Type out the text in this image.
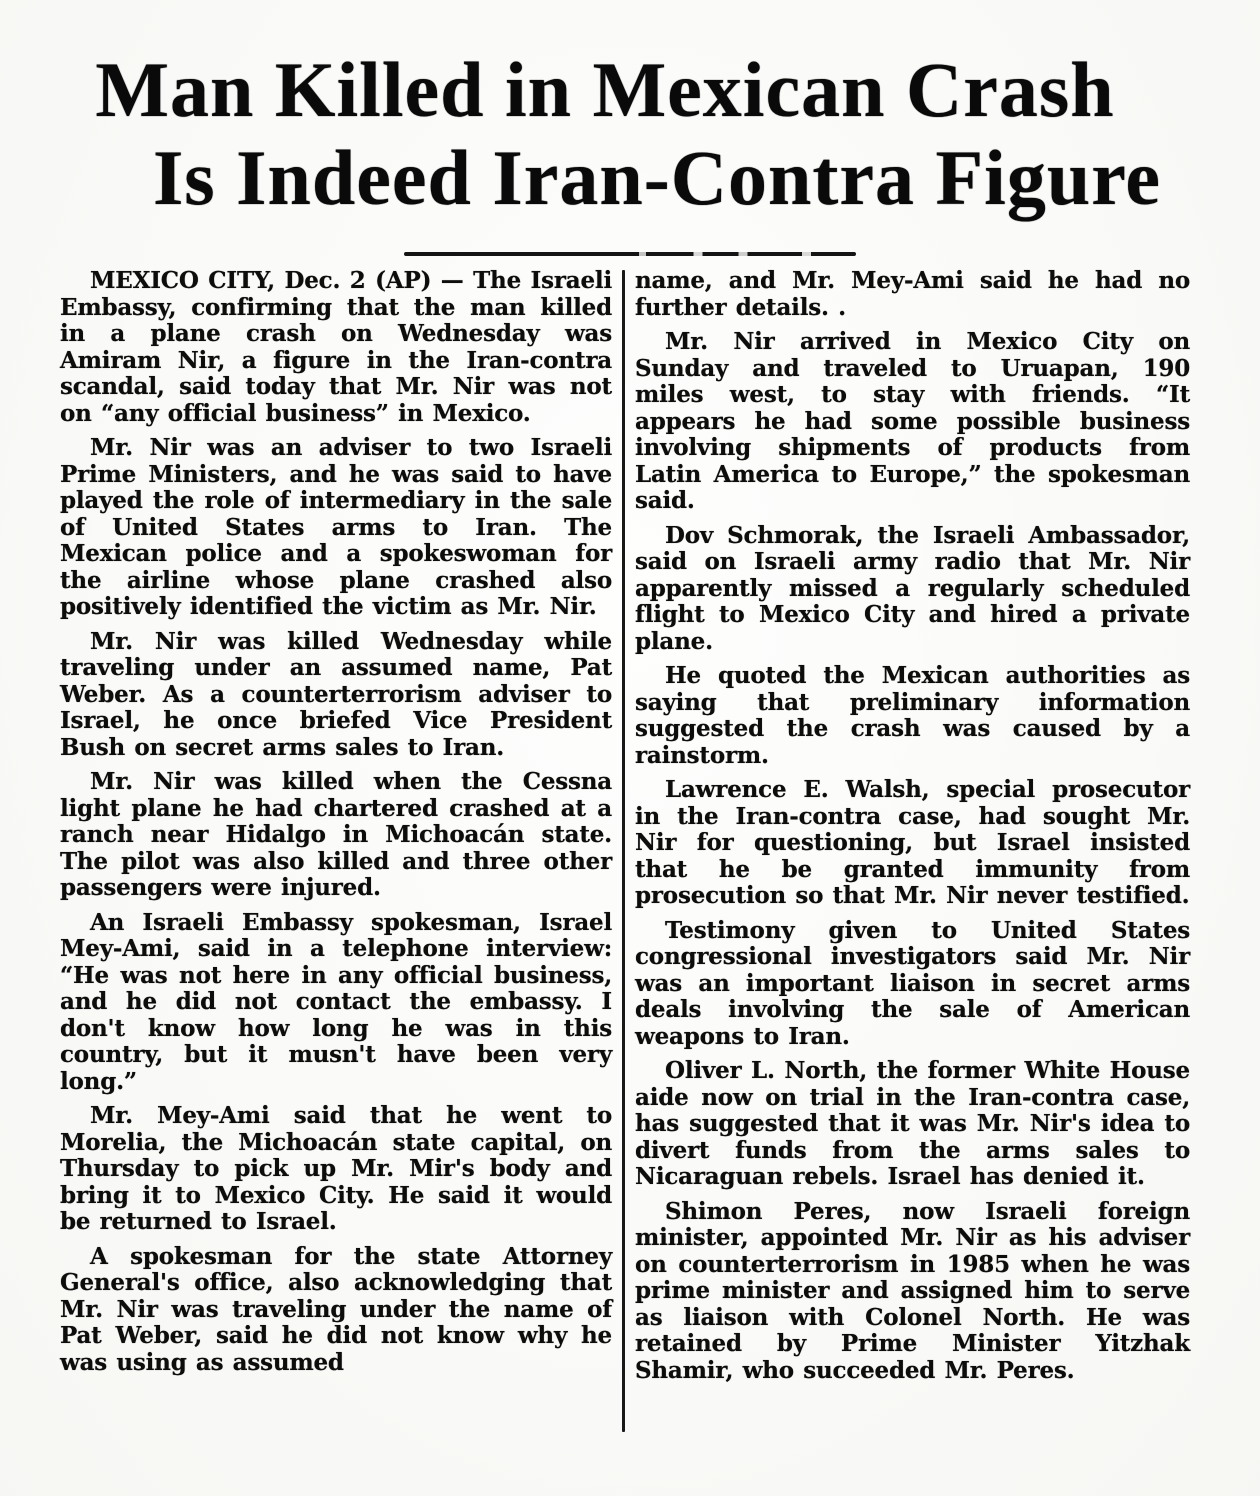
Man Killed in Mexican Crash
Is Indeed Iran-Contra Figure

MEXICO CITY, Dec. 2 (AP) — The Israeli Embassy, confirming that the man killed in a plane crash on Wednesday was Amiram Nir, a figure in the Iran-contra scandal, said today that Mr. Nir was not on “any official business” in Mexico.

Mr. Nir was an adviser to two Israeli Prime Ministers, and he was said to have played the role of intermediary in the sale of United States arms to Iran. The Mexican police and a spokeswoman for the airline whose plane crashed also positively identified the victim as Mr. Nir.

Mr. Nir was killed Wednesday while traveling under an assumed name, Pat Weber. As a counterterrorism adviser to Israel, he once briefed Vice President Bush on secret arms sales to Iran.

Mr. Nir was killed when the Cessna light plane he had chartered crashed at a ranch near Hidalgo in Michoacán state. The pilot was also killed and three other passengers were injured.

An Israeli Embassy spokesman, Israel Mey-Ami, said in a telephone interview: “He was not here in any official business, and he did not contact the embassy. I don't know how long he was in this country, but it musn't have been very long.”

Mr. Mey-Ami said that he went to Morelia, the Michoacán state capital, on Thursday to pick up Mr. Mir's body and bring it to Mexico City. He said it would be returned to Israel.

A spokesman for the state Attorney General's office, also acknowledging that Mr. Nir was traveling under the name of Pat Weber, said he did not know why he was using as assumed

name, and Mr. Mey-Ami said he had no further details. .

Mr. Nir arrived in Mexico City on Sunday and traveled to Uruapan, 190 miles west, to stay with friends. “It appears he had some possible business involving shipments of products from Latin America to Europe,” the spokesman said.

Dov Schmorak, the Israeli Ambassador, said on Israeli army radio that Mr. Nir apparently missed a regularly scheduled flight to Mexico City and hired a private plane.

He quoted the Mexican authorities as saying that preliminary information suggested the crash was caused by a rainstorm.

Lawrence E. Walsh, special prosecutor in the Iran-contra case, had sought Mr. Nir for questioning, but Israel insisted that he be granted immunity from prosecution so that Mr. Nir never testified.

Testimony given to United States congressional investigators said Mr. Nir was an important liaison in secret arms deals involving the sale of American weapons to Iran.

Oliver L. North, the former White House aide now on trial in the Iran-contra case, has suggested that it was Mr. Nir's idea to divert funds from the arms sales to Nicaraguan rebels. Israel has denied it.

Shimon Peres, now Israeli foreign minister, appointed Mr. Nir as his adviser on counterterrorism in 1985 when he was prime minister and assigned him to serve as liaison with Colonel North. He was retained by Prime Minister Yitzhak Shamir, who succeeded Mr. Peres.
